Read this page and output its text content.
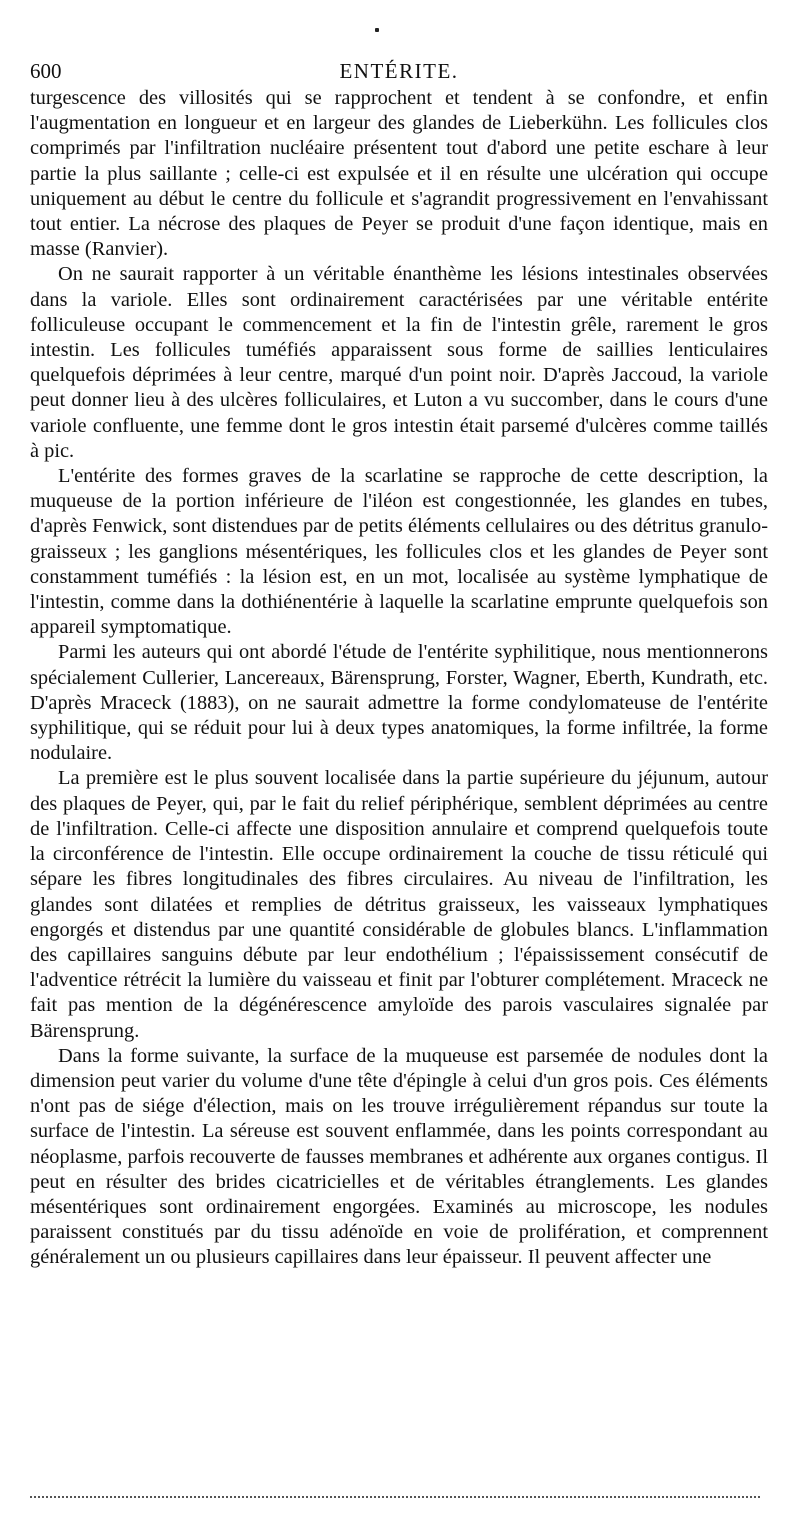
600	ENTÉRITE.

turgescence des villosités qui se rapprochent et tendent à se confondre, et enfin l'augmentation en longueur et en largeur des glandes de Lieberkühn. Les follicules clos comprimés par l'infiltration nucléaire présentent tout d'abord une petite eschare à leur partie la plus saillante ; celle-ci est expulsée et il en résulte une ulcération qui occupe uniquement au début le centre du follicule et s'agrandit progressivement en l'envahissant tout entier. La nécrose des plaques de Peyer se produit d'une façon identique, mais en masse (Ranvier).

On ne saurait rapporter à un véritable énanthème les lésions intestinales observées dans la variole. Elles sont ordinairement caractérisées par une véritable entérite folliculeuse occupant le commencement et la fin de l'intestin grêle, rarement le gros intestin. Les follicules tuméfiés apparaissent sous forme de saillies lenticulaires quelquefois déprimées à leur centre, marqué d'un point noir. D'après Jaccoud, la variole peut donner lieu à des ulcères folliculaires, et Luton a vu succomber, dans le cours d'une variole confluente, une femme dont le gros intestin était parsemé d'ulcères comme taillés à pic.

L'entérite des formes graves de la scarlatine se rapproche de cette description, la muqueuse de la portion inférieure de l'iléon est congestionnée, les glandes en tubes, d'après Fenwick, sont distendues par de petits éléments cellulaires ou des détritus granulo-graisseux ; les ganglions mésentériques, les follicules clos et les glandes de Peyer sont constamment tuméfiés : la lésion est, en un mot, localisée au système lymphatique de l'intestin, comme dans la dothiénentérie à laquelle la scarlatine emprunte quelquefois son appareil symptomatique.

Parmi les auteurs qui ont abordé l'étude de l'entérite syphilitique, nous mentionnerons spécialement Cullerier, Lancereaux, Bärensprung, Forster, Wagner, Eberth, Kundrath, etc. D'après Mraceck (1883), on ne saurait admettre la forme condylomateuse de l'entérite syphilitique, qui se réduit pour lui à deux types anatomiques, la forme infiltrée, la forme nodulaire.

La première est le plus souvent localisée dans la partie supérieure du jéjunum, autour des plaques de Peyer, qui, par le fait du relief périphérique, semblent déprimées au centre de l'infiltration. Celle-ci affecte une disposition annulaire et comprend quelquefois toute la circonférence de l'intestin. Elle occupe ordinairement la couche de tissu réticulé qui sépare les fibres longitudinales des fibres circulaires. Au niveau de l'infiltration, les glandes sont dilatées et remplies de détritus graisseux, les vaisseaux lymphatiques engorgés et distendus par une quantité considérable de globules blancs. L'inflammation des capillaires sanguins débute par leur endothélium ; l'épaississement consécutif de l'adventice rétrécit la lumière du vaisseau et finit par l'obturer complétement. Mraceck ne fait pas mention de la dégénérescence amyloïde des parois vasculaires signalée par Bärensprung.

Dans la forme suivante, la surface de la muqueuse est parsemée de nodules dont la dimension peut varier du volume d'une tête d'épingle à celui d'un gros pois. Ces éléments n'ont pas de siége d'élection, mais on les trouve irrégulièrement répandus sur toute la surface de l'intestin. La séreuse est souvent enflammée, dans les points correspondant au néoplasme, parfois recouverte de fausses membranes et adhérente aux organes contigus. Il peut en résulter des brides cicatricielles et de véritables étranglements. Les glandes mésentériques sont ordinairement engorgées. Examinés au microscope, les nodules paraissent constitués par du tissu adénoïde en voie de prolifération, et comprennent généralement un ou plusieurs capillaires dans leur épaisseur. Il peuvent affecter une
